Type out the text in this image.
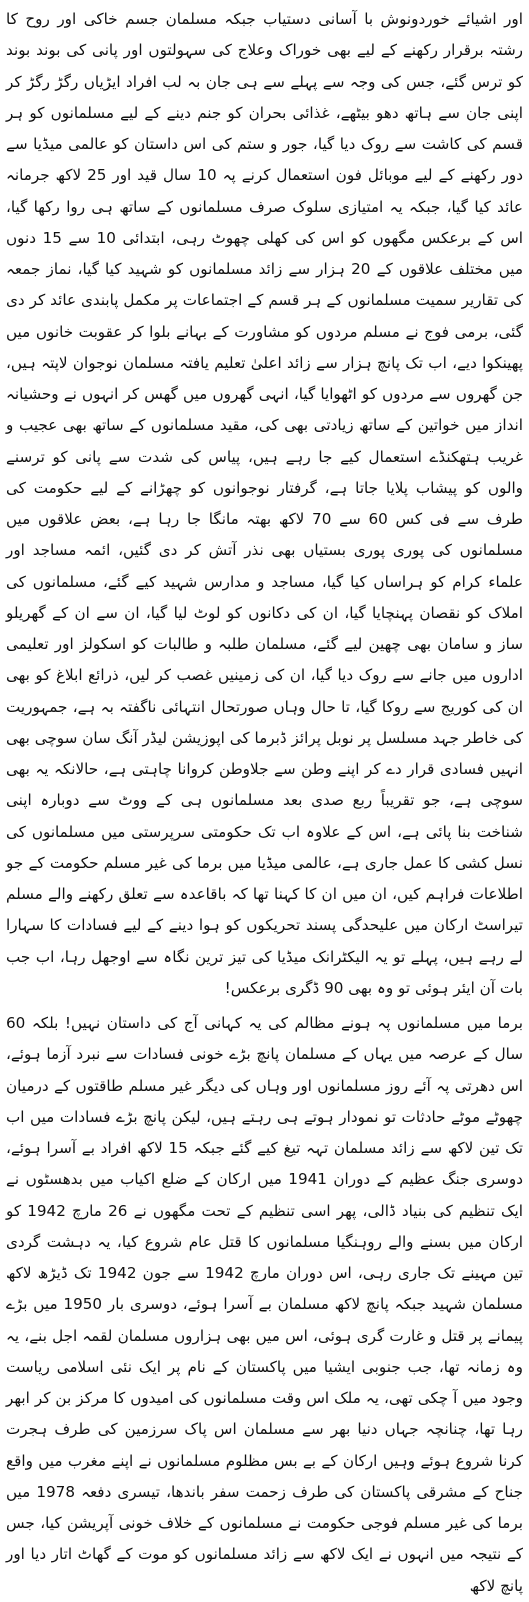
اور اشیائے خوردونوش با آسانی دستیاب جبکہ مسلمان جسم خاکی اور روح کا رشتہ برقرار رکھنے کے لیے بھی خوراک وعلاج کی سہولتوں اور پانی کی بوند بوند کو ترس گئے، جس کی وجہ سے پہلے سے ہی جان بہ لب افراد ایڑیاں رگڑ رگڑ کر اپنی جان سے ہاتھ دھو بیٹھے، غذائی بحران کو جنم دینے کے لیے مسلمانوں کو ہر قسم کی کاشت سے روک دیا گیا، جور و ستم کی اس داستان کو عالمی میڈیا سے دور رکھنے کے لیے موبائل فون استعمال کرنے پہ 10 سال قید اور 25 لاکھ جرمانہ عائد کیا گیا، جبکہ یہ امتیازی سلوک صرف مسلمانوں کے ساتھ ہی روا رکھا گیا، اس کے برعکس مگھوں کو اس کی کھلی چھوٹ رہی، ابتدائی 10 سے 15 دنوں میں مختلف علاقوں کے 20 ہزار سے زائد مسلمانوں کو شہید کیا گیا، نماز جمعہ کی تقاریر سمیت مسلمانوں کے ہر قسم کے اجتماعات پر مکمل پابندی عائد کر دی گئی، برمی فوج نے مسلم مردوں کو مشاورت کے بہانے بلوا کر عقوبت خانوں میں پھینکوا دیے، اب تک پانچ ہزار سے زائد اعلیٰ تعلیم یافتہ مسلمان نوجوان لاپتہ ہیں، جن گھروں سے مردوں کو اٹھوایا گیا، انہی گھروں میں گھس کر انہوں نے وحشیانہ انداز میں خواتین کے ساتھ زیادتی بھی کی، مقید مسلمانوں کے ساتھ بھی عجیب و غریب ہتھکنڈے استعمال کیے جا رہے ہیں، پیاس کی شدت سے پانی کو ترسنے والوں کو پیشاب پلایا جاتا ہے، گرفتار نوجوانوں کو چھڑانے کے لیے حکومت کی طرف سے فی کس 60 سے 70 لاکھ بھتہ مانگا جا رہا ہے، بعض علاقوں میں مسلمانوں کی پوری پوری بستیاں بھی نذر آتش کر دی گئیں، ائمہ مساجد اور علماء کرام کو ہراساں کیا گیا، مساجد و مدارس شہید کیے گئے، مسلمانوں کی املاک کو نقصان پہنچایا گیا، ان کی دکانوں کو لوٹ لیا گیا، ان سے ان کے گھریلو ساز و سامان بھی چھین لیے گئے، مسلمان طلبہ و طالبات کو اسکولز اور تعلیمی اداروں میں جانے سے روک دیا گیا، ان کی زمینیں غصب کر لیں، ذرائع ابلاغ کو بھی ان کی کوریج سے روکا گیا، تا حال وہاں صورتحال انتہائی ناگفتہ بہ ہے، جمہوریت کی خاطر جہد مسلسل پر نوبل پرائز ڈبرما کی اپوزیشن لیڈر آنگ سان سوچی بھی انہیں فسادی قرار دے کر اپنے وطن سے جلاوطن کروانا چاہتی ہے، حالانکہ یہ بھی سوچی ہے، جو تقریباً ربع صدی بعد مسلمانوں ہی کے ووٹ سے دوبارہ اپنی شناخت بنا پائی ہے، اس کے علاوہ اب تک حکومتی سرپرستی میں مسلمانوں کی نسل کشی کا عمل جاری ہے، عالمی میڈیا میں برما کی غیر مسلم حکومت کے جو اطلاعات فراہم کیں، ان میں ان کا کہنا تھا کہ باقاعدہ سے تعلق رکھنے والے مسلم تیراسٹ ارکان میں علیحدگی پسند تحریکوں کو ہوا دینے کے لیے فسادات کا سہارا لے رہے ہیں، پہلے تو یہ الیکٹرانک میڈیا کی تیز ترین نگاہ سے اوجھل رہا، اب جب بات آن ایئر ہوئی تو وہ بھی 90 ڈگری برعکس!

برما میں مسلمانوں پہ ہونے مظالم کی یہ کہانی آج کی داستان نہیں! بلکہ 60 سال کے عرصہ میں یہاں کے مسلمان پانچ بڑے خونی فسادات سے نبرد آزما ہوئے، اس دھرتی پہ آئے روز مسلمانوں اور وہاں کی دیگر غیر مسلم طاقتوں کے درمیان چھوٹے موٹے حادثات تو نمودار ہوتے ہی رہتے ہیں، لیکن پانچ بڑے فسادات میں اب تک تین لاکھ سے زائد مسلمان تہہ تیغ کیے گئے جبکہ 15 لاکھ افراد بے آسرا ہوئے، دوسری جنگ عظیم کے دوران 1941 میں ارکان کے ضلع اکیاب میں بدھسٹوں نے ایک تنظیم کی بنیاد ڈالی، پھر اسی تنظیم کے تحت مگھوں نے 26 مارچ 1942 کو ارکان میں بسنے والے روہنگیا مسلمانوں کا قتل عام شروع کیا، یہ دہشت گردی تین مہینے تک جاری رہی، اس دوران مارچ 1942 سے جون 1942 تک ڈیڑھ لاکھ مسلمان شہید جبکہ پانچ لاکھ مسلمان بے آسرا ہوئے، دوسری بار 1950 میں بڑے پیمانے پر قتل و غارت گری ہوئی، اس میں بھی ہزاروں مسلمان لقمہ اجل بنے، یہ وہ زمانہ تھا، جب جنوبی ایشیا میں پاکستان کے نام پر ایک نئی اسلامی ریاست وجود میں آ چکی تھی، یہ ملک اس وقت مسلمانوں کی امیدوں کا مرکز بن کر ابھر رہا تھا، چنانچہ جہاں دنیا بھر سے مسلمان اس پاک سرزمین کی طرف ہجرت کرنا شروع ہوئے وہیں ارکان کے بے بس مظلوم مسلمانوں نے اپنے مغرب میں واقع جناح کے مشرقی پاکستان کی طرف زحمت سفر باندھا، تیسری دفعہ 1978 میں برما کی غیر مسلم فوجی حکومت نے مسلمانوں کے خلاف خونی آپریشن کیا، جس کے نتیجہ میں انہوں نے ایک لاکھ سے زائد مسلمانوں کو موت کے گھاٹ اتار دیا اور پانچ لاکھ
